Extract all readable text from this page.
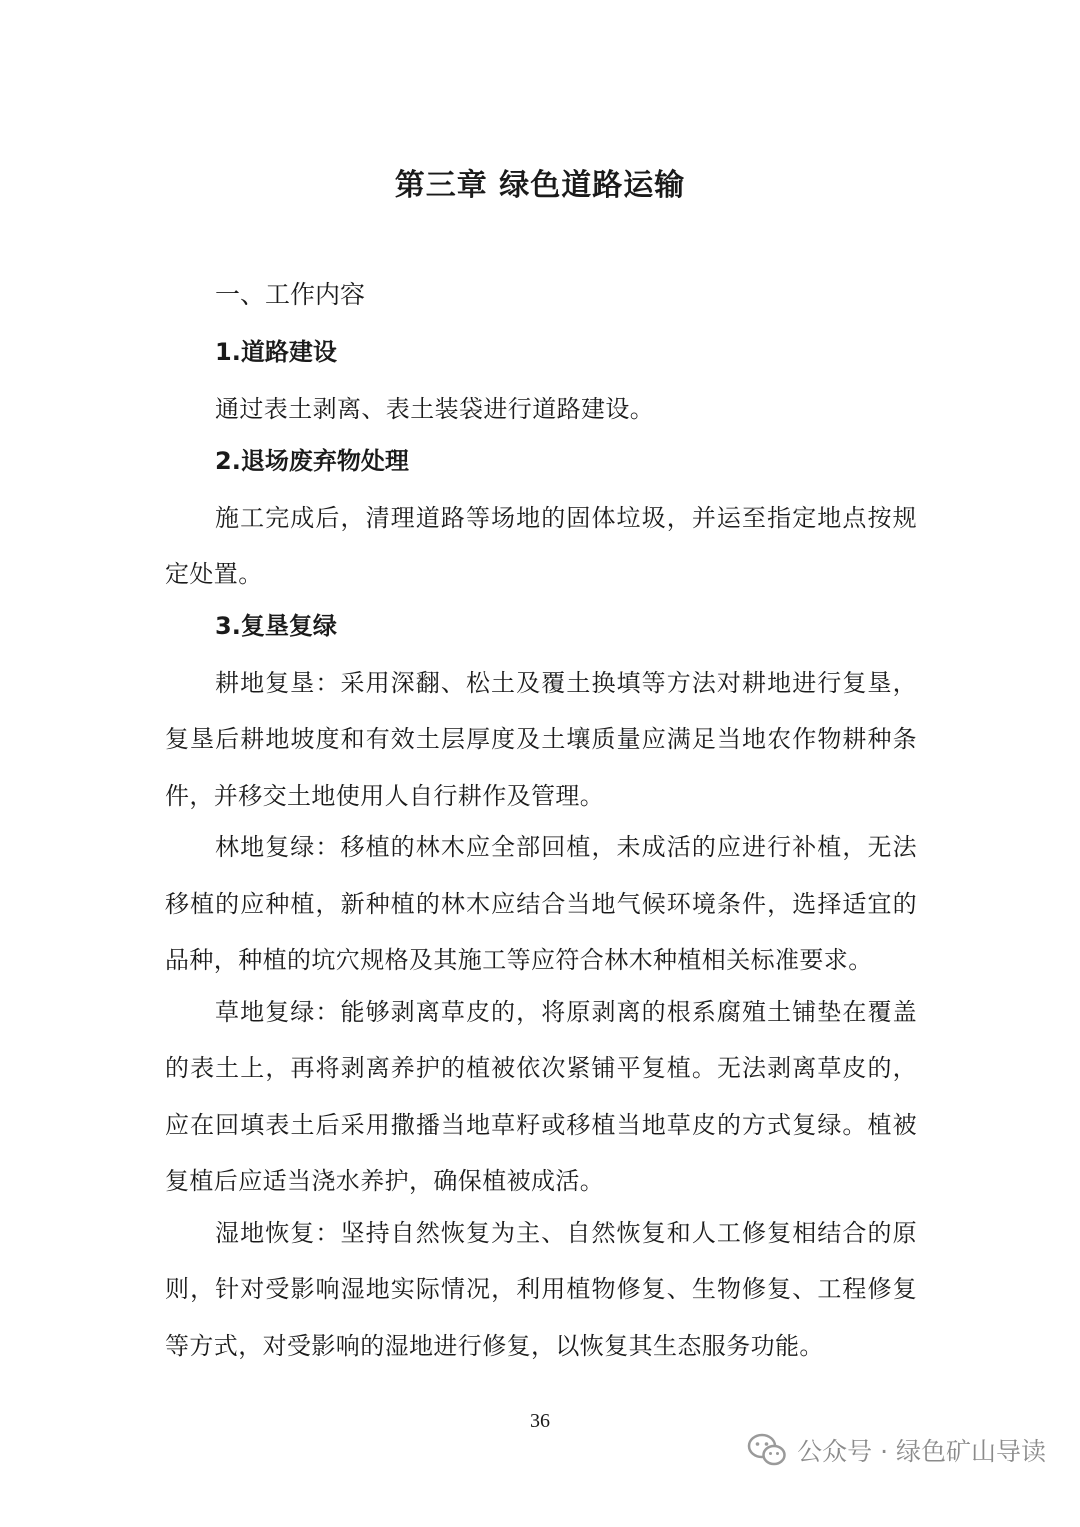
第三章 绿色道路运输
一、工作内容
1.道路建设

通过表土剥离、表土装袋进行道路建设。

2.退场废弃物处理

施工完成后，清理道路等场地的固体垃圾，并运至指定地点按规定处置。

3.复垦复绿

耕地复垦：采用深翻、松土及覆土换填等方法对耕地进行复垦，复垦后耕地坡度和有效土层厚度及土壤质量应满足当地农作物耕种条件，并移交土地使用人自行耕作及管理。

林地复绿：移植的林木应全部回植，未成活的应进行补植，无法移植的应种植，新种植的林木应结合当地气候环境条件，选择适宜的品种，种植的坑穴规格及其施工等应符合林木种植相关标准要求。

草地复绿：能够剥离草皮的，将原剥离的根系腐殖土铺垫在覆盖的表土上，再将剥离养护的植被依次紧铺平复植。无法剥离草皮的，应在回填表土后采用撒播当地草籽或移植当地草皮的方式复绿。植被复植后应适当浇水养护，确保植被成活。

湿地恢复：坚持自然恢复为主、自然恢复和人工修复相结合的原则，针对受影响湿地实际情况，利用植物修复、生物修复、工程修复等方式，对受影响的湿地进行修复，以恢复其生态服务功能。

36
公众号 · 绿色矿山导读
